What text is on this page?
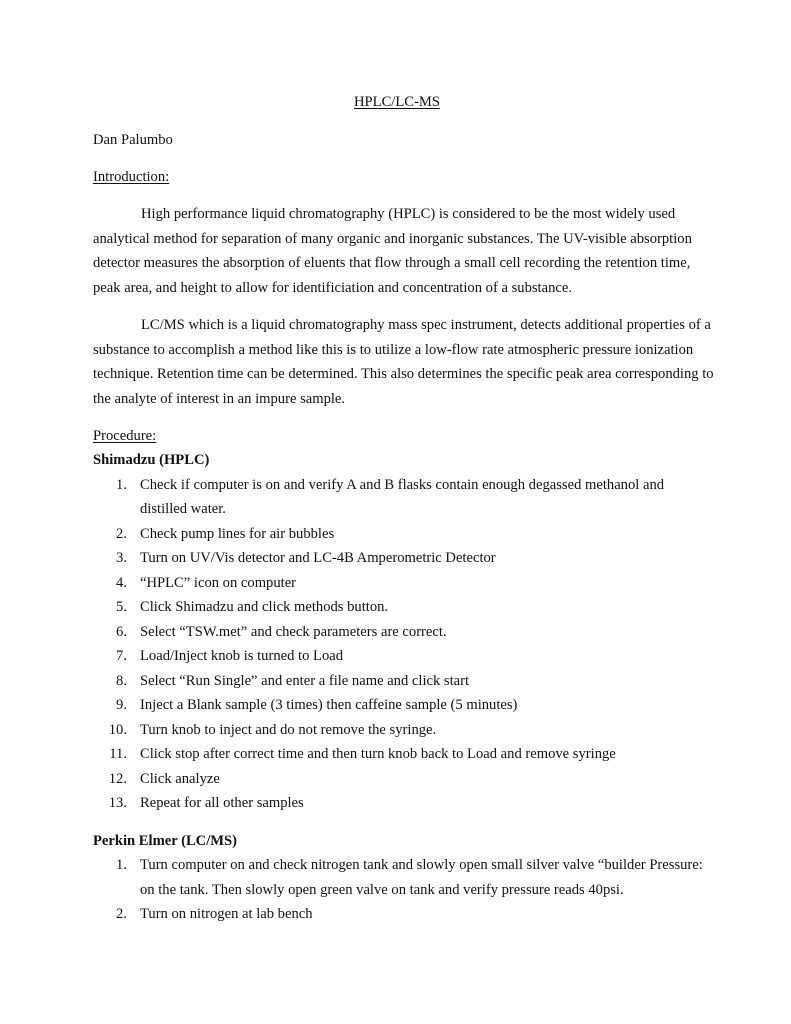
HPLC/LC-MS
Dan Palumbo
Introduction:
High performance liquid chromatography (HPLC) is considered to be the most widely used
analytical method for separation of many organic and inorganic substances. The UV-visible absorption
detector measures the absorption of eluents that flow through a small cell recording the retention time,
peak area, and height to allow for identificiation and concentration of a substance.
LC/MS which is a liquid chromatography mass spec instrument, detects additional properties of a
substance to accomplish a method like this is to utilize a low-flow rate atmospheric pressure ionization
technique. Retention time can be determined. This also determines the specific peak area corresponding to
the analyte of interest in an impure sample.
Procedure:
Shimadzu (HPLC)
1. Check if computer is on and verify A and B flasks contain enough degassed methanol and
distilled water.
2. Check pump lines for air bubbles
3. Turn on UV/Vis detector and LC-4B Amperometric Detector
4. “HPLC” icon on computer
5. Click Shimadzu and click methods button.
6. Select “TSW.met” and check parameters are correct.
7. Load/Inject knob is turned to Load
8. Select “Run Single” and enter a file name and click start
9. Inject a Blank sample (3 times) then caffeine sample (5 minutes)
10. Turn knob to inject and do not remove the syringe.
11. Click stop after correct time and then turn knob back to Load and remove syringe
12. Click analyze
13. Repeat for all other samples
Perkin Elmer (LC/MS)
1. Turn computer on and check nitrogen tank and slowly open small silver valve “builder Pressure:
on the tank. Then slowly open green valve on tank and verify pressure reads 40psi.
2. Turn on nitrogen at lab bench
